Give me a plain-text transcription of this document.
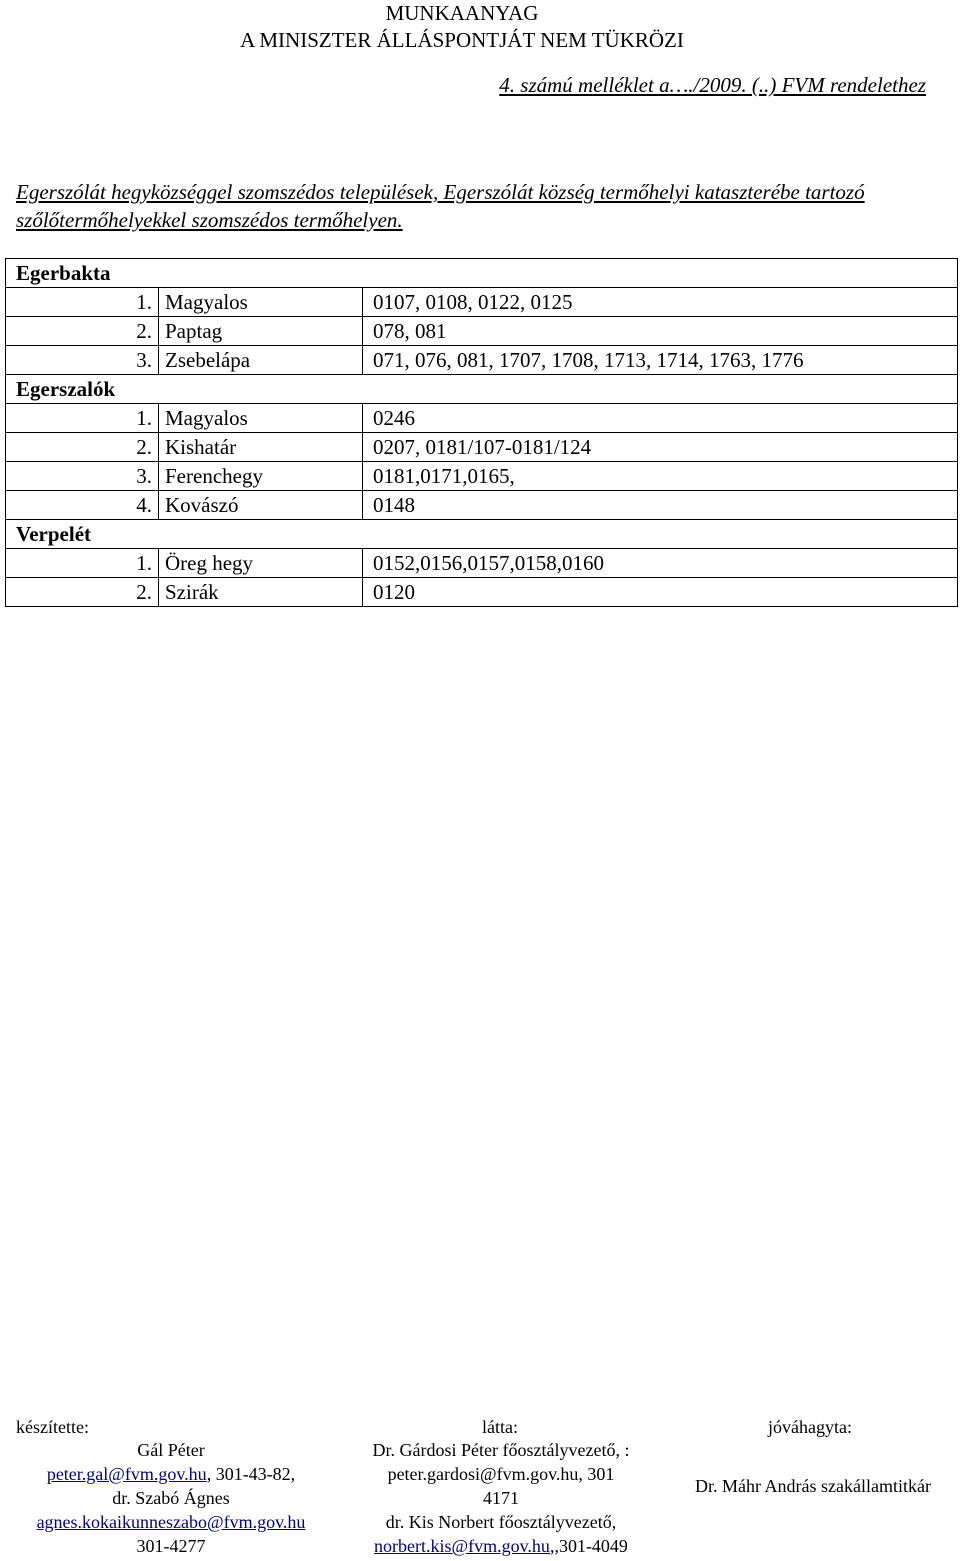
MUNKAANYAG
A MINISZTER ÁLLÁSPONTJÁT NEM TÜKRÖZI
4. számú melléklet a…./2009. (..) FVM rendelethez
Egerszólát hegyközséggel szomszédos települések, Egerszólát község termőhelyi kataszterébe tartozó szőlőtermőhelyekkel szomszédos termőhelyen.
Egerbakta		
1.	Magyalos	0107, 0108, 0122, 0125
2.	Paptag	078, 081
3.	Zsebelápa	071, 076, 081, 1707, 1708, 1713, 1714, 1763, 1776
Egerszalók		
1.	Magyalos	0246
2.	Kishatár	0207, 0181/107-0181/124
3.	Ferenchegy	0181,0171,0165,
4.	Kovászó	0148
Verpelét		
1.	Öreg hegy	0152,0156,0157,0158,0160
2.	Szirák	0120
készítette:	látta:	jóváhagyta:
Gál Péter
peter.gal@fvm.gov.hu, 301-43-82,
dr. Szabó Ágnes
agnes.kokaikunneszabo@fvm.gov.hu
301-4277
Dr. Gárdosi Péter főosztályvezető, :
peter.gardosi@fvm.gov.hu, 301
4171
dr. Kis Norbert főosztályvezető,
norbert.kis@fvm.gov.hu,,301-4049
Dr. Máhr András szakállamtitkár
